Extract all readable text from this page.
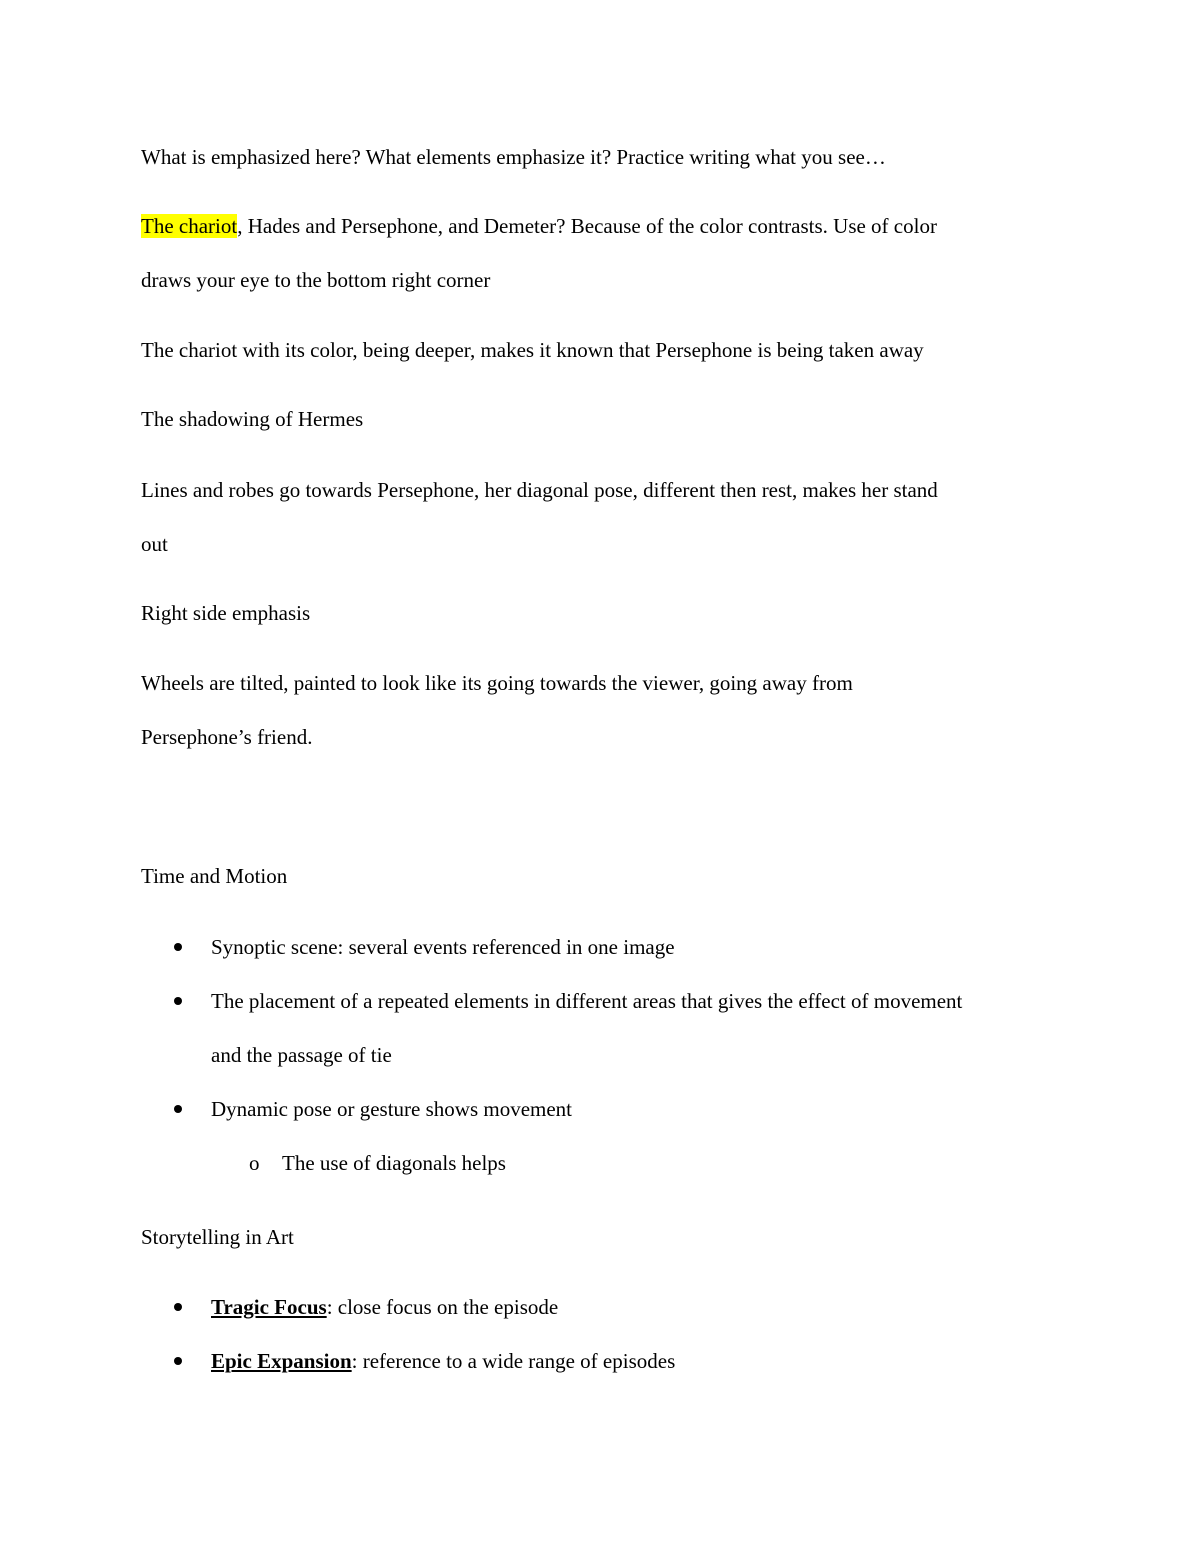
What is emphasized here? What elements emphasize it? Practice writing what you see…
The chariot, Hades and Persephone, and Demeter? Because of the color contrasts. Use of color
draws your eye to the bottom right corner
The chariot with its color, being deeper, makes it known that Persephone is being taken away
The shadowing of Hermes
Lines and robes go towards Persephone, her diagonal pose, different then rest, makes her stand
out
Right side emphasis
Wheels are tilted, painted to look like its going towards the viewer, going away from
Persephone’s friend.
Time and Motion
Synoptic scene: several events referenced in one image
The placement of a repeated elements in different areas that gives the effect of movement
and the passage of tie
Dynamic pose or gesture shows movement
o The use of diagonals helps
Storytelling in Art
Tragic Focus: close focus on the episode
Epic Expansion: reference to a wide range of episodes
